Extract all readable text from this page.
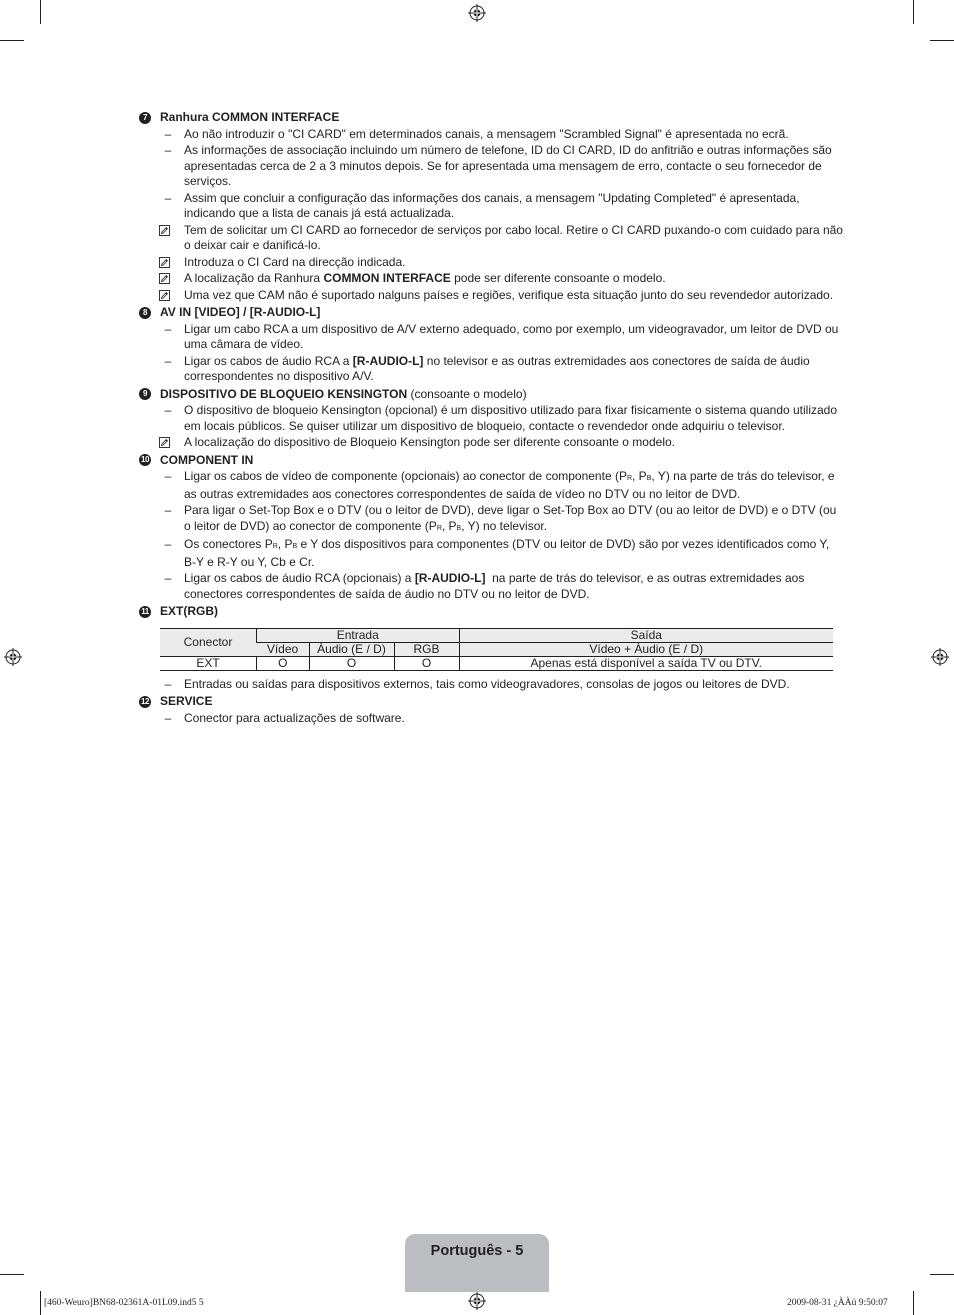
7	Ranhura COMMON INTERFACE
–	Ao não introduzir o "CI CARD" em determinados canais, a mensagem "Scrambled Signal" é apresentada no ecrã.
–	As informações de associação incluindo um número de telefone, ID do CI CARD, ID do anfitrião e outras informações são apresentadas cerca de 2 a 3 minutos depois. Se for apresentada uma mensagem de erro, contacte o seu fornecedor de serviços.
–	Assim que concluir a configuração das informações dos canais, a mensagem "Updating Completed" é apresentada, indicando que a lista de canais já está actualizada.
Tem de solicitar um CI CARD ao fornecedor de serviços por cabo local. Retire o CI CARD puxando-o com cuidado para não o deixar cair e danificá-lo.
Introduza o CI Card na direcção indicada.
A localização da Ranhura COMMON INTERFACE pode ser diferente consoante o modelo.
Uma vez que CAM não é suportado nalguns países e regiões, verifique esta situação junto do seu revendedor autorizado.
8	AV IN [VIDEO] / [R-AUDIO-L]
–	Ligar um cabo RCA a um dispositivo de A/V externo adequado, como por exemplo, um videogravador, um leitor de DVD ou uma câmara de vídeo.
–	Ligar os cabos de áudio RCA a [R-AUDIO-L] no televisor e as outras extremidades aos conectores de saída de áudio correspondentes no dispositivo A/V.
9	DISPOSITIVO DE BLOQUEIO KENSINGTON (consoante o modelo)
–	O dispositivo de bloqueio Kensington (opcional) é um dispositivo utilizado para fixar fisicamente o sistema quando utilizado em locais públicos. Se quiser utilizar um dispositivo de bloqueio, contacte o revendedor onde adquiriu o televisor.
A localização do dispositivo de Bloqueio Kensington pode ser diferente consoante o modelo.
10 COMPONENT IN
–	Ligar os cabos de vídeo de componente (opcionais) ao conector de componente (PR, PB, Y) na parte de trás do televisor, e as outras extremidades aos conectores correspondentes de saída de vídeo no DTV ou no leitor de DVD.
–	Para ligar o Set-Top Box e o DTV (ou o leitor de DVD), deve ligar o Set-Top Box ao DTV (ou ao leitor de DVD) e o DTV (ou o leitor de DVD) ao conector de componente (PR, PB, Y) no televisor.
–	Os conectores PR, PB e Y dos dispositivos para componentes (DTV ou leitor de DVD) são por vezes identificados como Y, B-Y e R-Y ou Y, Cb e Cr.
–	Ligar os cabos de áudio RCA (opcionais) a [R-AUDIO-L]  na parte de trás do televisor, e as outras extremidades aos conectores correspondentes de saída de áudio no DTV ou no leitor de DVD.
11 EXT(RGB)
Conector	Entrada			Saída
	Vídeo	Áudio (E / D)	RGB	Vídeo + Áudio (E / D)
EXT	O	O	O	Apenas está disponível a saída TV ou DTV.
–	Entradas ou saídas para dispositivos externos, tais como videogravadores, consolas de jogos ou leitores de DVD.
12 SERVICE
–	Conector para actualizações de software.
Português - 5
[460-Weuro]BN68-02361A-01L09.ind5 5	2009-08-31 ¿ÀÀü 9:50:07
